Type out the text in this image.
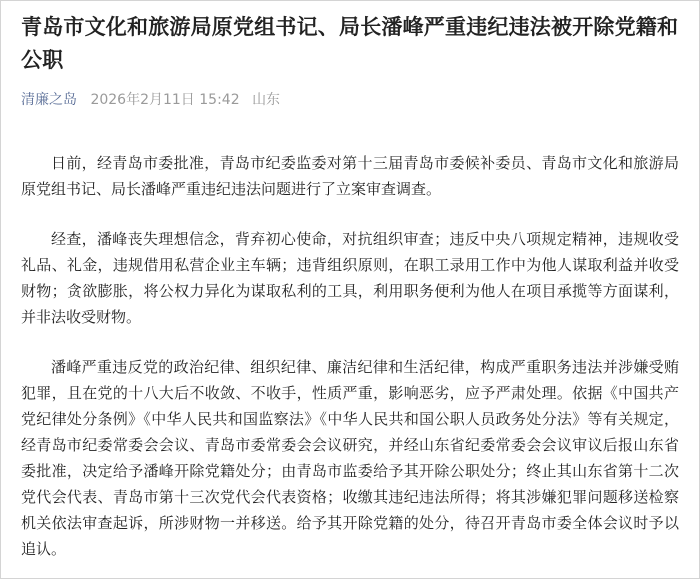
青岛市文化和旅游局原党组书记、局长潘峰严重违纪违法被开除党籍和公职
清廉之岛 2026年2月11日 15:42 山东

日前，经青岛市委批准，青岛市纪委监委对第十三届青岛市委候补委员、青岛市文化和旅游局原党组书记、局长潘峰严重违纪违法问题进行了立案审查调查。

经查，潘峰丧失理想信念，背弃初心使命，对抗组织审查；违反中央八项规定精神，违规收受礼品、礼金，违规借用私营企业主车辆；违背组织原则，在职工录用工作中为他人谋取利益并收受财物；贪欲膨胀，将公权力异化为谋取私利的工具，利用职务便利为他人在项目承揽等方面谋利，并非法收受财物。

潘峰严重违反党的政治纪律、组织纪律、廉洁纪律和生活纪律，构成严重职务违法并涉嫌受贿犯罪，且在党的十八大后不收敛、不收手，性质严重，影响恶劣，应予严肃处理。依据《中国共产党纪律处分条例》《中华人民共和国监察法》《中华人民共和国公职人员政务处分法》等有关规定，经青岛市纪委常委会会议、青岛市委常委会会议研究，并经山东省纪委常委会会议审议后报山东省委批准，决定给予潘峰开除党籍处分；由青岛市监委给予其开除公职处分；终止其山东省第十二次党代会代表、青岛市第十三次党代会代表资格；收缴其违纪违法所得；将其涉嫌犯罪问题移送检察机关依法审查起诉，所涉财物一并移送。给予其开除党籍的处分，待召开青岛市委全体会议时予以追认。
